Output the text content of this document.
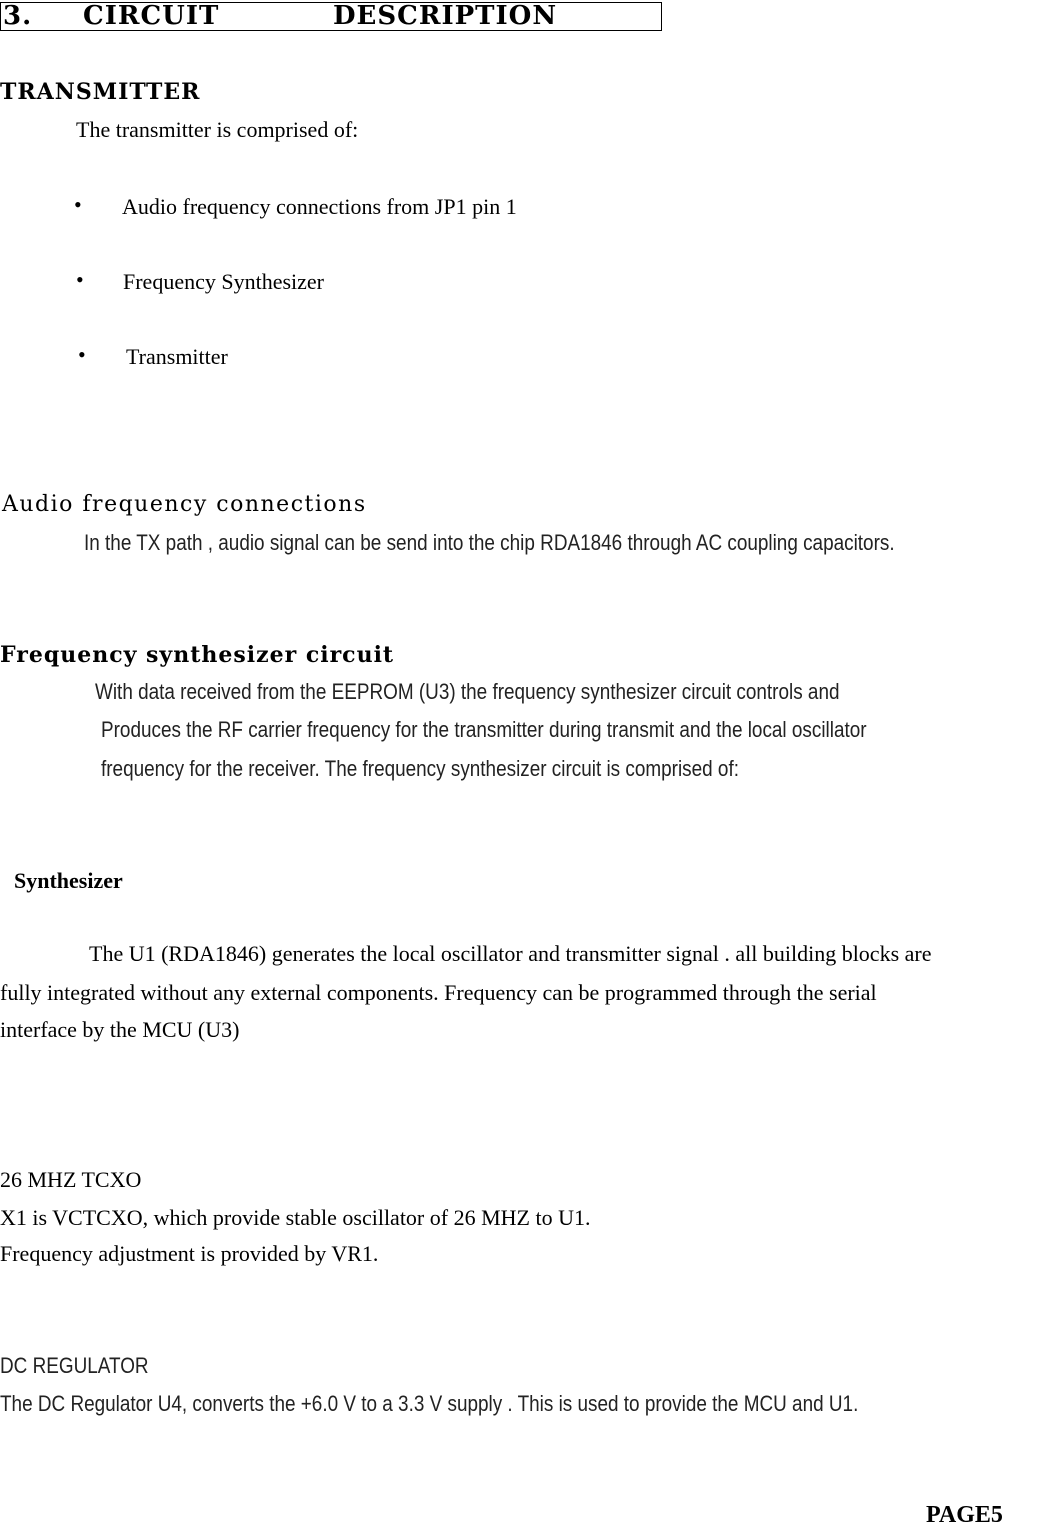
3. CIRCUIT	DESCRIPTION
TRANSMITTER
The transmitter is comprised of:
• Audio frequency connections from JP1 pin 1
• Frequency Synthesizer
• Transmitter
Audio frequency connections
In the TX path , audio signal can be send into the chip RDA1846 through AC coupling capacitors.
Frequency synthesizer circuit
With data received from the EEPROM (U3) the frequency synthesizer circuit controls and
Produces the RF carrier frequency for the transmitter during transmit and the local oscillator
frequency for the receiver. The frequency synthesizer circuit is comprised of:
Synthesizer
The U1 (RDA1846) generates the local oscillator and transmitter signal . all building blocks are
fully integrated without any external components. Frequency can be programmed through the serial
interface by the MCU (U3)
26 MHZ TCXO
X1 is VCTCXO, which provide stable oscillator of 26 MHZ to U1.
Frequency adjustment is provided by VR1.
DC REGULATOR
The DC Regulator U4, converts the +6.0 V to a 3.3 V supply . This is used to provide the MCU and U1.
PAGE5
